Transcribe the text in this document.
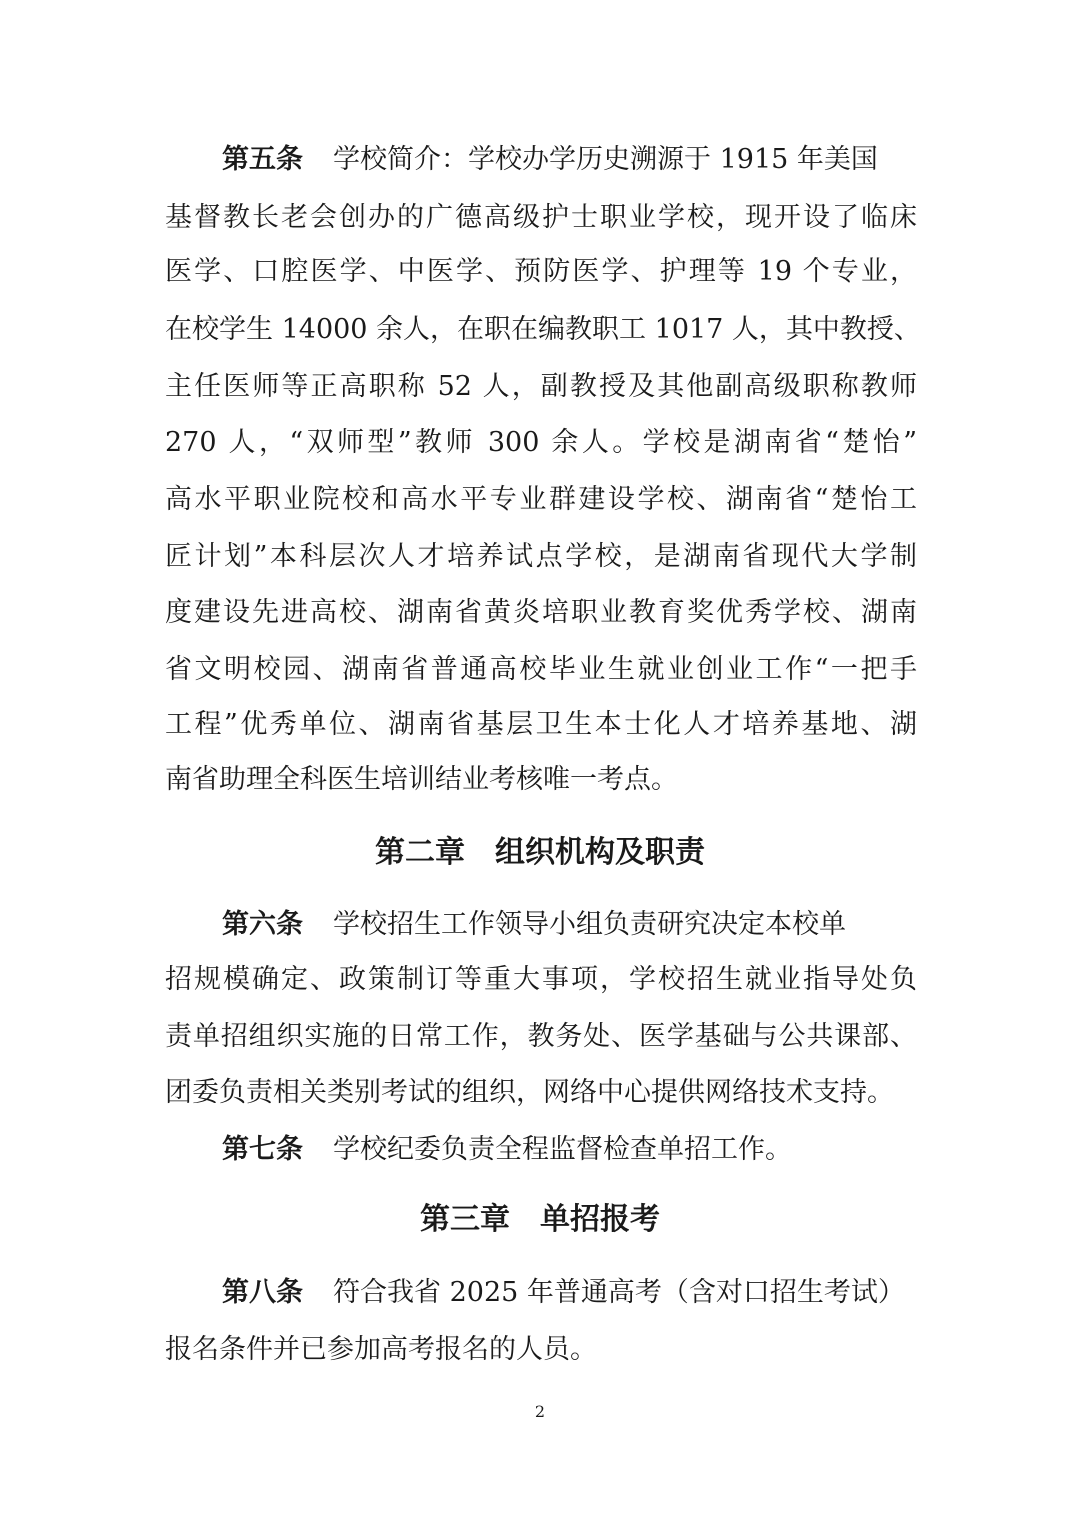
第五条 学校简介：学校办学历史溯源于 1915 年美国
基督教长老会创办的广德高级护士职业学校，现开设了临床
医学、口腔医学、中医学、预防医学、护理等 19 个专业，
在校学生 14000 余人，在职在编教职工 1017 人，其中教授、
主任医师等正高职称 52 人，副教授及其他副高级职称教师
270 人，“双师型”教师 300 余人。学校是湖南省“楚怡”
高水平职业院校和高水平专业群建设学校、湖南省“楚怡工
匠计划”本科层次人才培养试点学校，是湖南省现代大学制
度建设先进高校、湖南省黄炎培职业教育奖优秀学校、湖南
省文明校园、湖南省普通高校毕业生就业创业工作“一把手
工程”优秀单位、湖南省基层卫生本士化人才培养基地、湖
南省助理全科医生培训结业考核唯一考点。
第六条 学校招生工作领导小组负责研究决定本校单
招规模确定、政策制订等重大事项，学校招生就业指导处负
责单招组织实施的日常工作，教务处、医学基础与公共课部、
团委负责相关类别考试的组织，网络中心提供网络技术支持。
第七条 学校纪委负责全程监督检查单招工作。
第八条 符合我省 2025 年普通高考（含对口招生考试）
报名条件并已参加高考报名的人员。
第二章 组织机构及职责
第三章 单招报考
2
